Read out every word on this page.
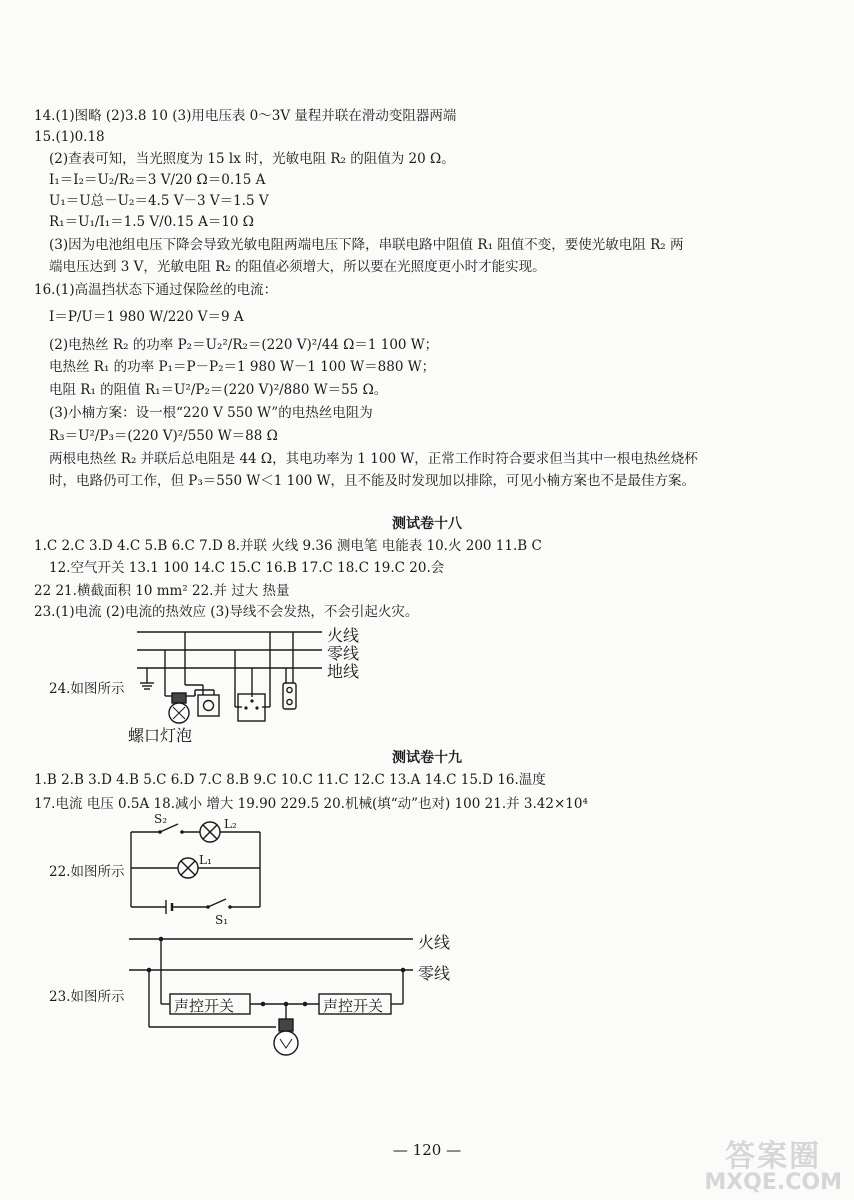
14.(1)图略 (2)3.8 10 (3)用电压表 0～3V 量程并联在滑动变阻器两端
15.(1)0.18
(2)查表可知，当光照度为 15 lx 时，光敏电阻 R₂ 的阻值为 20 Ω。
I₁＝I₂＝U₂/R₂＝3 V/20 Ω＝0.15 A
U₁＝U总－U₂＝4.5 V－3 V＝1.5 V
R₁＝U₁/I₁＝1.5 V/0.15 A＝10 Ω
(3)因为电池组电压下降会导致光敏电阻两端电压下降，串联电路中阻值 R₁ 阻值不变，要使光敏电阻 R₂ 两
端电压达到 3 V，光敏电阻 R₂ 的阻值必须增大，所以要在光照度更小时才能实现。
16.(1)高温挡状态下通过保险丝的电流：
I＝P/U＝1 980 W/220 V＝9 A
(2)电热丝 R₂ 的功率 P₂＝U₂²/R₂＝(220 V)²/44 Ω＝1 100 W；
电热丝 R₁ 的功率 P₁＝P－P₂＝1 980 W－1 100 W＝880 W；
电阻 R₁ 的阻值 R₁＝U²/P₂＝(220 V)²/880 W＝55 Ω。
(3)小楠方案：设一根“220 V 550 W”的电热丝电阻为
R₃＝U²/P₃＝(220 V)²/550 W＝88 Ω
两根电热丝 R₂ 并联后总电阻是 44 Ω，其电功率为 1 100 W，正常工作时符合要求但当其中一根电热丝烧杯
时，电路仍可工作，但 P₃＝550 W＜1 100 W，且不能及时发现加以排除，可见小楠方案也不是最佳方案。
测试卷十八
1.C 2.C 3.D 4.C 5.B 6.C 7.D 8.并联 火线 9.36 测电笔 电能表 10.火 200 11.B C
12.空气开关 13.1 100 14.C 15.C 16.B 17.C 18.C 19.C 20.会
22 21.横截面积 10 mm² 22.并 过大 热量
23.(1)电流 (2)电流的热效应 (3)导线不会发热，不会引起火灾。
24.如图所示
火线
零线
地线
螺口灯泡
测试卷十九
1.B 2.B 3.D 4.B 5.C 6.D 7.C 8.B 9.C 10.C 11.C 12.C 13.A 14.C 15.D 16.温度
17.电流 电压 0.5A 18.减小 增大 19.90 229.5 20.机械(填“动”也对) 100 21.并 3.42×10⁴
22.如图所示
S₂	L₂
L₁
S₁
23.如图所示
火线
零线
声控开关	声控开关
— 120 —	答案圈
MXQE.COM
